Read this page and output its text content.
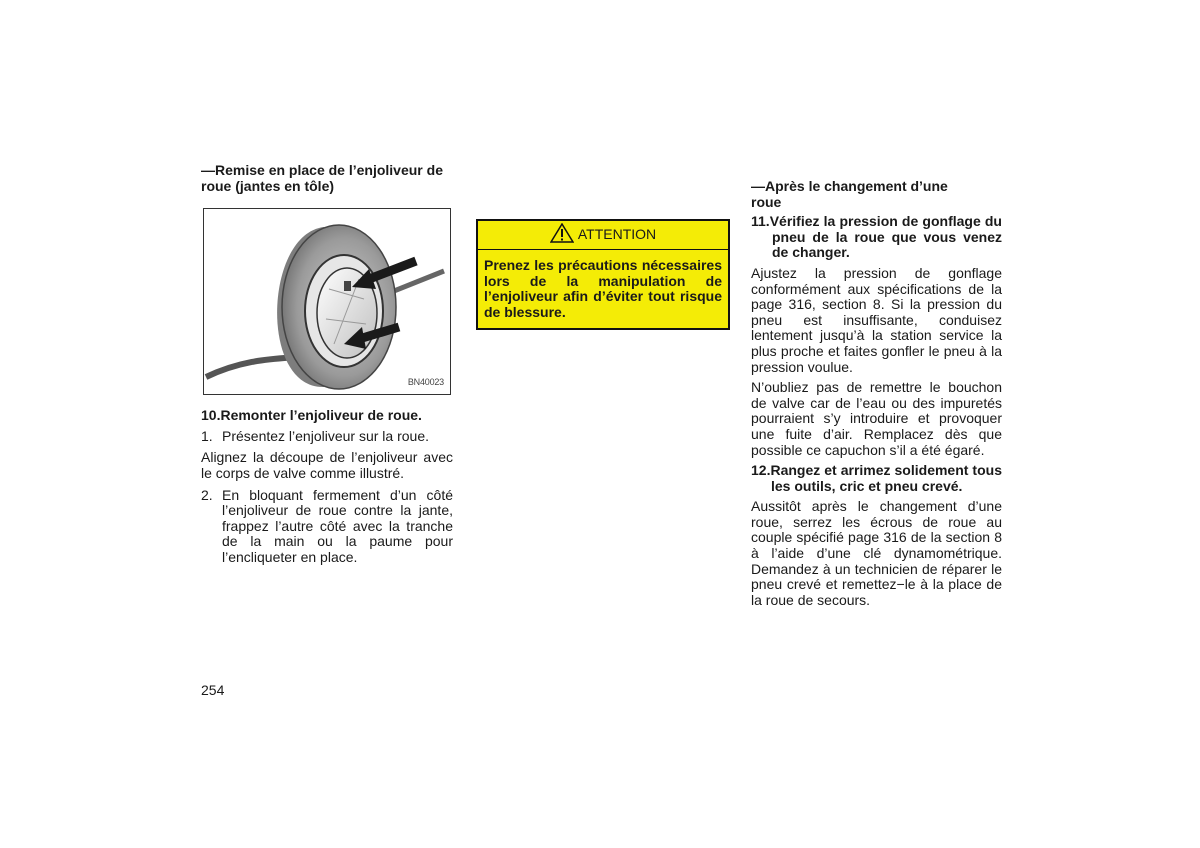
—Remise en place de l’enjoliveur de roue (jantes en tôle)

BN40023

10.Remonter l’enjoliveur de roue.

1. Présentez l’enjoliveur sur la roue.

Alignez la découpe de l’enjoliveur avec le corps de valve comme illustré.

2. En bloquant fermement d’un côté l’enjoliveur de roue contre la jante, frappez l’autre côté avec la tranche de la main ou la paume pour l’encliqueter en place.
ATTENTION
Prenez les précautions nécessaires lors de la manipulation de l’enjoliveur afin d’éviter tout risque de blessure.

—Après le changement d’une roue

11.Vérifiez la pression de gonflage du pneu de la roue que vous venez de changer.

Ajustez la pression de gonflage conformément aux spécifications de la page 316, section 8. Si la pression du pneu est insuffisante, conduisez lentement jusqu’à la station service la plus proche et faites gonfler le pneu à la pression voulue.

N’oubliez pas de remettre le bouchon de valve car de l’eau ou des impuretés pourraient s’y introduire et provoquer une fuite d’air. Remplacez dès que possible ce capuchon s’il a été égaré.

12.Rangez et arrimez solidement tous les outils, cric et pneu crevé.

Aussitôt après le changement d’une roue, serrez les écrous de roue au couple spécifié page 316 de la section 8 à l’aide d’une clé dynamométrique. Demandez à un technicien de réparer le pneu crevé et remettez−le à la place de la roue de secours.

254
